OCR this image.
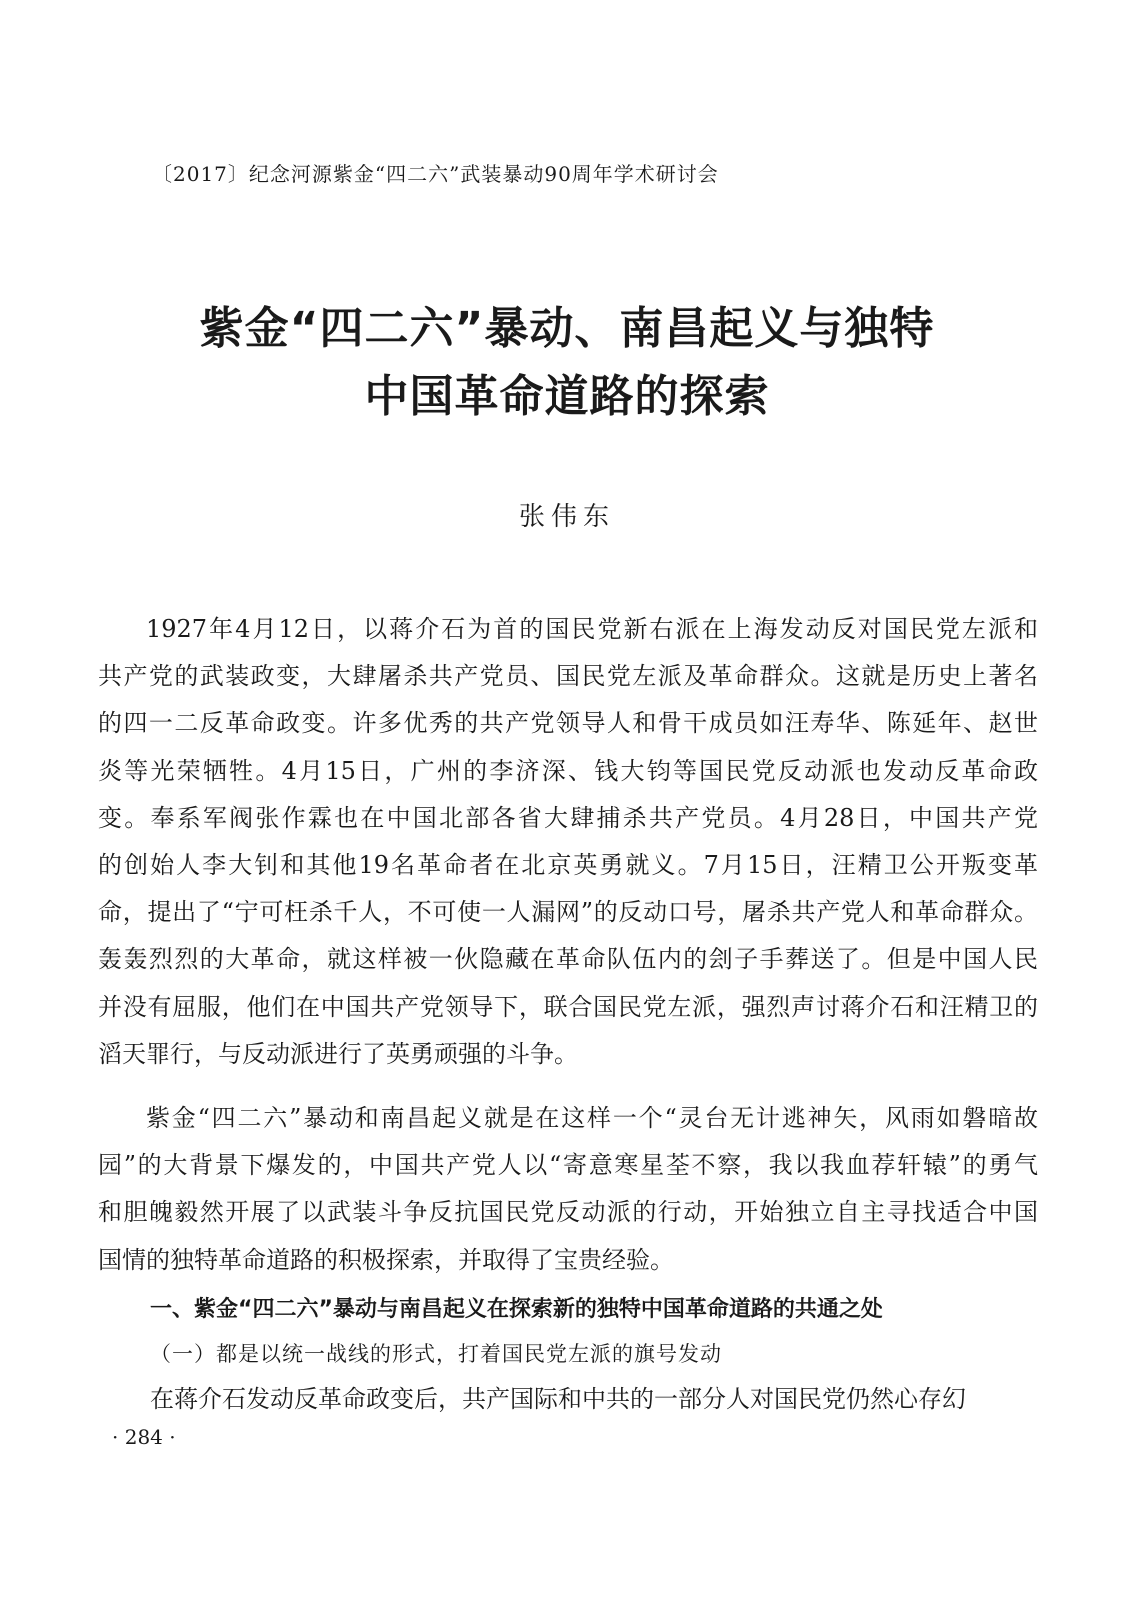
〔2017〕纪念河源紫金“四二六”武装暴动90周年学术研讨会
紫金“四二六”暴动、南昌起义与独特
中国革命道路的探索
张伟东
1927年4月12日，以蒋介石为首的国民党新右派在上海发动反对国民党左派和
共产党的武装政变，大肆屠杀共产党员、国民党左派及革命群众。这就是历史上著名
的四一二反革命政变。许多优秀的共产党领导人和骨干成员如汪寿华、陈延年、赵世
炎等光荣牺牲。4月15日，广州的李济深、钱大钧等国民党反动派也发动反革命政
变。奉系军阀张作霖也在中国北部各省大肆捕杀共产党员。4月28日，中国共产党
的创始人李大钊和其他19名革命者在北京英勇就义。7月15日，汪精卫公开叛变革
命，提出了“宁可枉杀千人，不可使一人漏网”的反动口号，屠杀共产党人和革命群众。
轰轰烈烈的大革命，就这样被一伙隐藏在革命队伍内的刽子手葬送了。但是中国人民
并没有屈服，他们在中国共产党领导下，联合国民党左派，强烈声讨蒋介石和汪精卫的
滔天罪行，与反动派进行了英勇顽强的斗争。
紫金“四二六”暴动和南昌起义就是在这样一个“灵台无计逃神矢，风雨如磐暗故
园”的大背景下爆发的，中国共产党人以“寄意寒星荃不察，我以我血荐轩辕”的勇气
和胆魄毅然开展了以武装斗争反抗国民党反动派的行动，开始独立自主寻找适合中国
国情的独特革命道路的积极探索，并取得了宝贵经验。
一、紫金“四二六”暴动与南昌起义在探索新的独特中国革命道路的共通之处
（一）都是以统一战线的形式，打着国民党左派的旗号发动
在蒋介石发动反革命政变后，共产国际和中共的一部分人对国民党仍然心存幻
· 284 ·
